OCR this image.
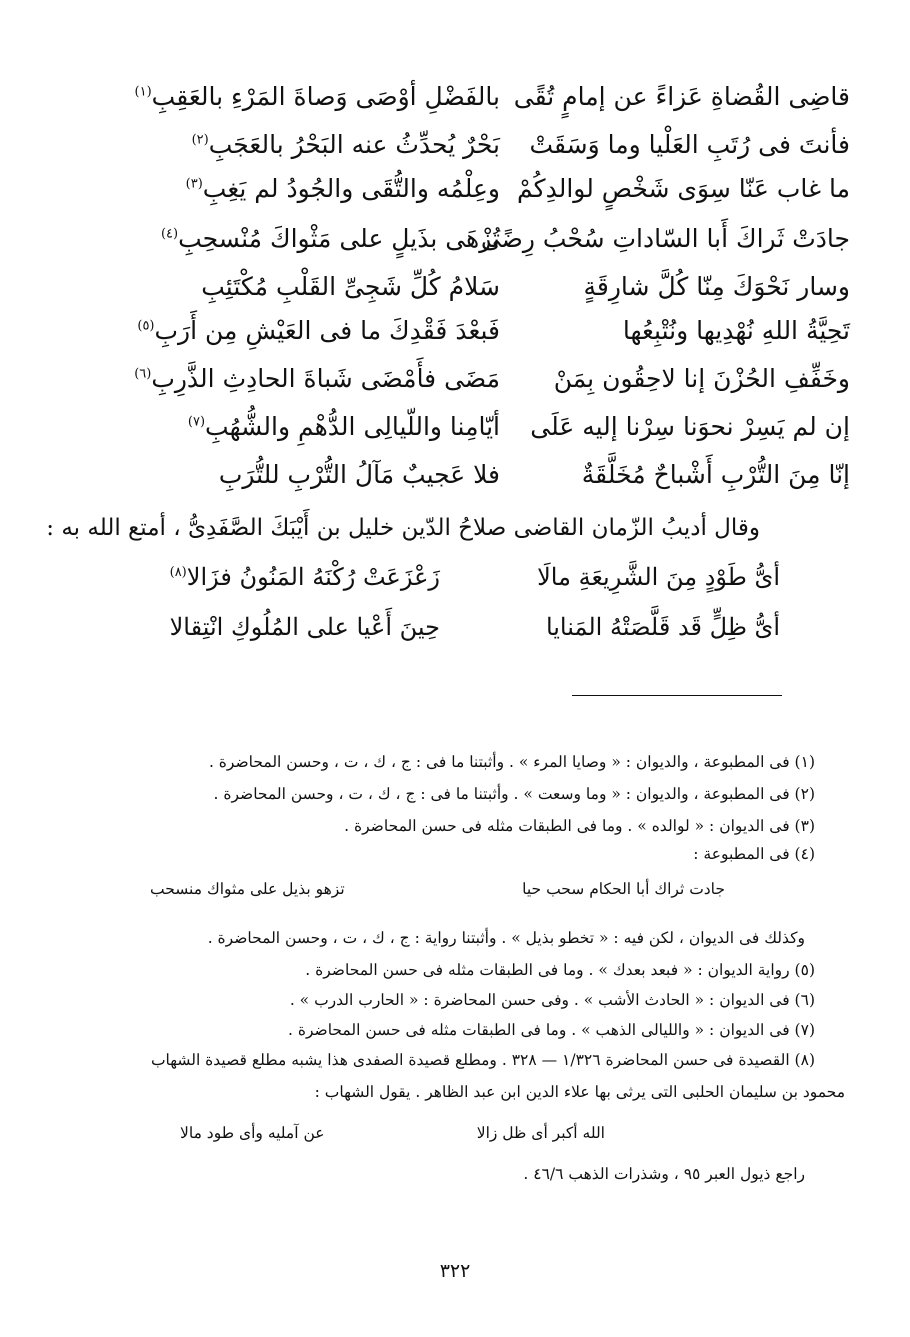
قاضِى القُضاةِ عَزاءً عن إمامٍ تُقًى
بالفَضْلِ أوْصَى وَصاةَ المَرْءِ بالعَقِبِ$^{(١)}$
فأنتَ فى رُتَبِ العَلْيا وما وَسَقَتْ
بَحْرٌ يُحدِّثُ عنه البَحْرُ بالعَجَبِ$^{(٢)}$
ما غاب عَنّا سِوَى شَخْصٍ لوالدِكُمْ
وعِلْمُه والتُّقَى والجُودُ لم يَغِبِ$^{(٣)}$
جادَتْ ثَراكَ أَبا السّاداتِ سُحْبُ رِضًى
تُزْهَى بذَيلٍ على مَثْواكَ مُنْسحِبِ$^{(٤)}$
وسار نَحْوَكَ مِنّا كُلَّ شارِقَةٍ
سَلامُ كُلِّ شَجِىِّ القَلْبِ مُكْتَئِبِ
تَحِيَّةُ اللهِ نُهْدِيها ونُتْبِعُها
فَبعْدَ فَقْدِكَ ما فى العَيْشِ مِن أَرَبِ$^{(٥)}$
وخَفِّفِ الحُزْنَ إنا لاحِقُون بِمَنْ
مَضَى فأَمْضَى شَباةَ الحادِثِ الذَّرِبِ$^{(٦)}$
إن لم يَسِرْ نحوَنا سِرْنا إليه عَلَى
أيّامِنا واللّيالِى الدُّهْمِ والشُّهُبِ$^{(٧)}$
إنّا مِنَ التُّرْبِ أَشْباحٌ مُخَلَّقَةٌ
فلا عَجيبٌ مَآلُ التُّرْبِ للتُّرَبِ
وقال أديبُ الزّمان القاضى صلاحُ الدّين خليل بن أَيْبَكَ الصَّفَدِىُّ ، أمتع الله به :
أىُّ طَوْدٍ مِنَ الشَّرِيعَةِ مالَا
زَعْزَعَتْ رُكْنَهُ المَنُونُ فزَالا$^{(٨)}$
أىُّ ظِلٍّ قَد قَلَّصَتْهُ المَنايا
حِينَ أَعْيا على المُلُوكِ انْتِقالا
(١) فى المطبوعة ، والديوان : « وصايا المرء » . وأثبتنا ما فى : ج ، ك ، ت ، وحسن المحاضرة .
(٢) فى المطبوعة ، والديوان : « وما وسعت » . وأثبتنا ما فى : ج ، ك ، ت ، وحسن المحاضرة .
(٣) فى الديوان : « لوالده » . وما فى الطبقات مثله فى حسن المحاضرة .
(٤) فى المطبوعة :
جادت ثراك أبا الحكام سحب حيا
تزهو بذيل على مثواك منسحب
وكذلك فى الديوان ، لكن فيه : « تخطو بذيل » . وأثبتنا رواية : ج ، ك ، ت ، وحسن المحاضرة .
(٥) رواية الديوان : « فبعد بعدك » . وما فى الطبقات مثله فى حسن المحاضرة .
(٦) فى الديوان : « الحادث الأشب » . وفى حسن المحاضرة : « الحارب الدرب » .
(٧) فى الديوان : « والليالى الذهب » . وما فى الطبقات مثله فى حسن المحاضرة .
(٨) القصيدة فى حسن المحاضرة ١/٣٢٦ — ٣٢٨ . ومطلع قصيدة الصفدى هذا يشبه مطلع قصيدة الشهاب
محمود بن سليمان الحلبى التى يرثى بها علاء الدين ابن عبد الظاهر . يقول الشهاب :
الله أكبر أى ظل زالا
عن آمليه وأى طود مالا
راجع ذيول العبر ٩٥ ، وشذرات الذهب ٤٦/٦ .
٣٢٢
